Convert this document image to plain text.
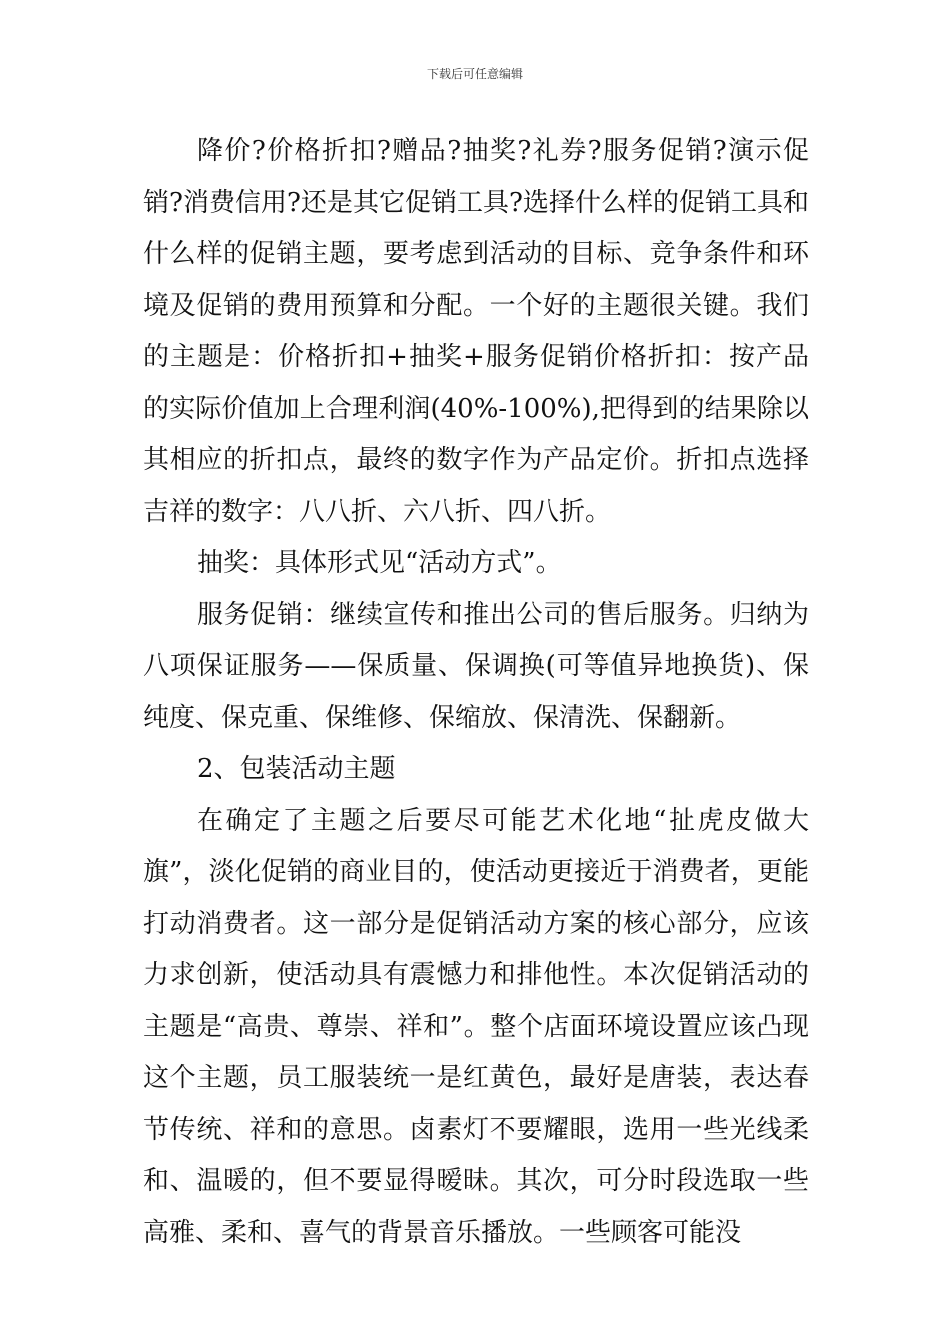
下载后可任意编辑

降价?价格折扣?赠品?抽奖?礼券?服务促销?演示促销?消费信用?还是其它促销工具?选择什么样的促销工具和什么样的促销主题，要考虑到活动的目标、竞争条件和环境及促销的费用预算和分配。一个好的主题很关键。我们的主题是：价格折扣+抽奖+服务促销价格折扣：按产品的实际价值加上合理利润(40%-100%),把得到的结果除以其相应的折扣点，最终的数字作为产品定价。折扣点选择吉祥的数字：八八折、六八折、四八折。

抽奖：具体形式见“活动方式”。

服务促销：继续宣传和推出公司的售后服务。归纳为八项保证服务——保质量、保调换(可等值异地换货)、保纯度、保克重、保维修、保缩放、保清洗、保翻新。

2、包装活动主题

在确定了主题之后要尽可能艺术化地“扯虎皮做大旗”，淡化促销的商业目的，使活动更接近于消费者，更能打动消费者。这一部分是促销活动方案的核心部分，应该力求创新，使活动具有震憾力和排他性。本次促销活动的主题是“高贵、尊崇、祥和”。整个店面环境设置应该凸现这个主题，员工服装统一是红黄色，最好是唐装，表达春节传统、祥和的意思。卤素灯不要耀眼，选用一些光线柔和、温暖的，但不要显得暧昧。其次，可分时段选取一些高雅、柔和、喜气的背景音乐播放。一些顾客可能没
